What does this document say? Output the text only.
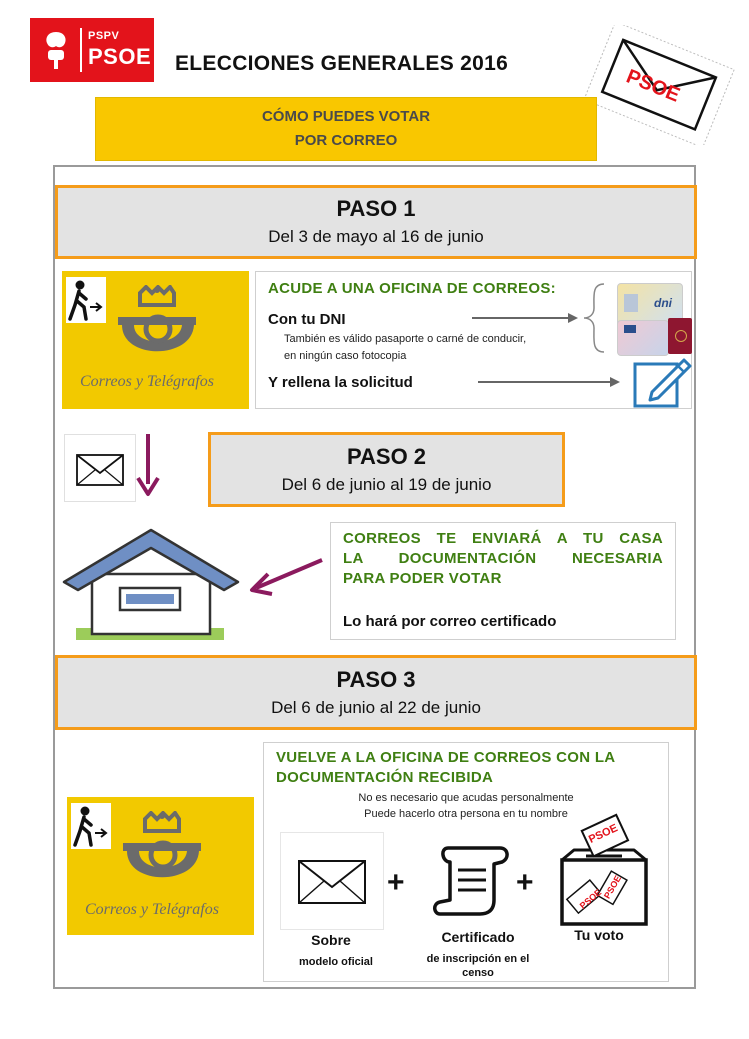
PSPV
PSOE ELECCIONES GENERALES 2016
PSOE
CÓMO PUEDES VOTAR
POR CORREO
PASO 1
Del 3 de mayo al 16 de junio
Correos y Telégrafos
ACUDE A UNA OFICINA DE CORREOS:
Con tu DNI
También es válido pasaporte o carné de conducir,
en ningún caso fotocopia
Y rellena la solicitud
dni
PASO 2
Del 6 de junio al 19 de junio
CORREOS TE ENVIARÁ A TU CASA
LA DOCUMENTACIÓN NECESARIA
PARA PODER VOTAR
Lo hará por correo certificado
PASO 3
Del 6 de junio al 22 de junio
Correos y Telégrafos
VUELVE A LA OFICINA DE CORREOS CON LA
DOCUMENTACIÓN RECIBIDA
No es necesario que acudas personalmente
Puede hacerlo otra persona en tu nombre
+	+
PSOE
PSOE
PSOE
Sobre
modelo oficial
Certificado
de inscripción en el
censo
Tu voto
